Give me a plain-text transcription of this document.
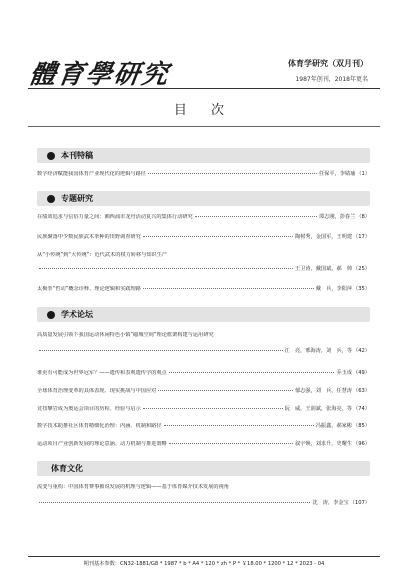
體育學研究	体育学研究（双月刊）
1987年创刊，2018年更名
目 次
本刊特稿
数字经济赋能我国体育产业现代化的逻辑与路径	任保平，李婧瑜 （1）
专题研究
在绩效追求与信俗力量之间：湘西浦市龙舟活动复兴的集体行动研究	谭志刚，彭春兰 （8）
民族聚落中少数民族武术拳种的田野调查研究	陶树秀，金国军，王明建 （17）
从“小传统”到“大传统”：近代武术的权力转移与知识生产
王卫涛，戴国斌，郝　帅 （25）
太极拳“哲动”概念诠释、理论逻辑和实践理路	戴　兵，李阳萍 （35）
学术论坛
高质量发展引领下我国运动休闲特色小镇“磁城空间”理论框架构建与运用研究
江　亮，邢海涛，刘　兵，等 （42）
谁更有可能成为世界冠军？——遗传和表观遗传学的观点	乔玉成 （49）
全球体育治理变革的具体表现、现实挑战与中国应对	郁志强，刘　兵，任慧涛 （63）
竞技攀岩成为奥运会项目的历程、经验与启示	阮　威，王润斌，张海亮，等 （74）
数字技术助推社区体育精细化治理：内涵、机制和路径	冯振鑫，郝家彬 （85）
运动项目产业创新发展的理论意涵、动力机制与推进策略	叙宇焕，刘求升，史曙生 （96）
体育文化
流变与重构：中国体育赛事被说发展的机理与逻辑——基于体育媒介技术发展的视角
沈　涛，李金宝 （107）
期刊基本参数：CN32-1881/G8 * 1987 * b * A4 * 120 * zh * P * ￥18.00 * 1200 * 12 * 2023 - 04
